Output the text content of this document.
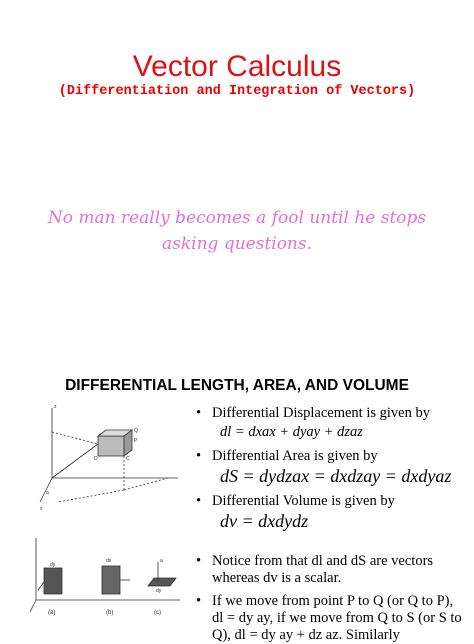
Vector Calculus
(Differentiation and Integration of Vectors)
No man really becomes a fool until he stops asking questions.
DIFFERENTIAL LENGTH, AREA, AND VOLUME
z
Q
P
D	C
a
x
• Differential Displacement is given by
dl = dxax + dyay + dzaz
• Differential Area is given by
dS = dydzax = dxdzay = dxdyaz
• Differential Volume is given by
dv = dxdydz
dy
dx	a
dy
(a)	(b)	(c)
• Notice from that dl and dS are vectors whereas dv is a scalar.
• If we move from point P to Q (or Q to P), dl = dy ay, if we move from Q to S (or S to Q), dl = dy ay + dz az. Similarly
